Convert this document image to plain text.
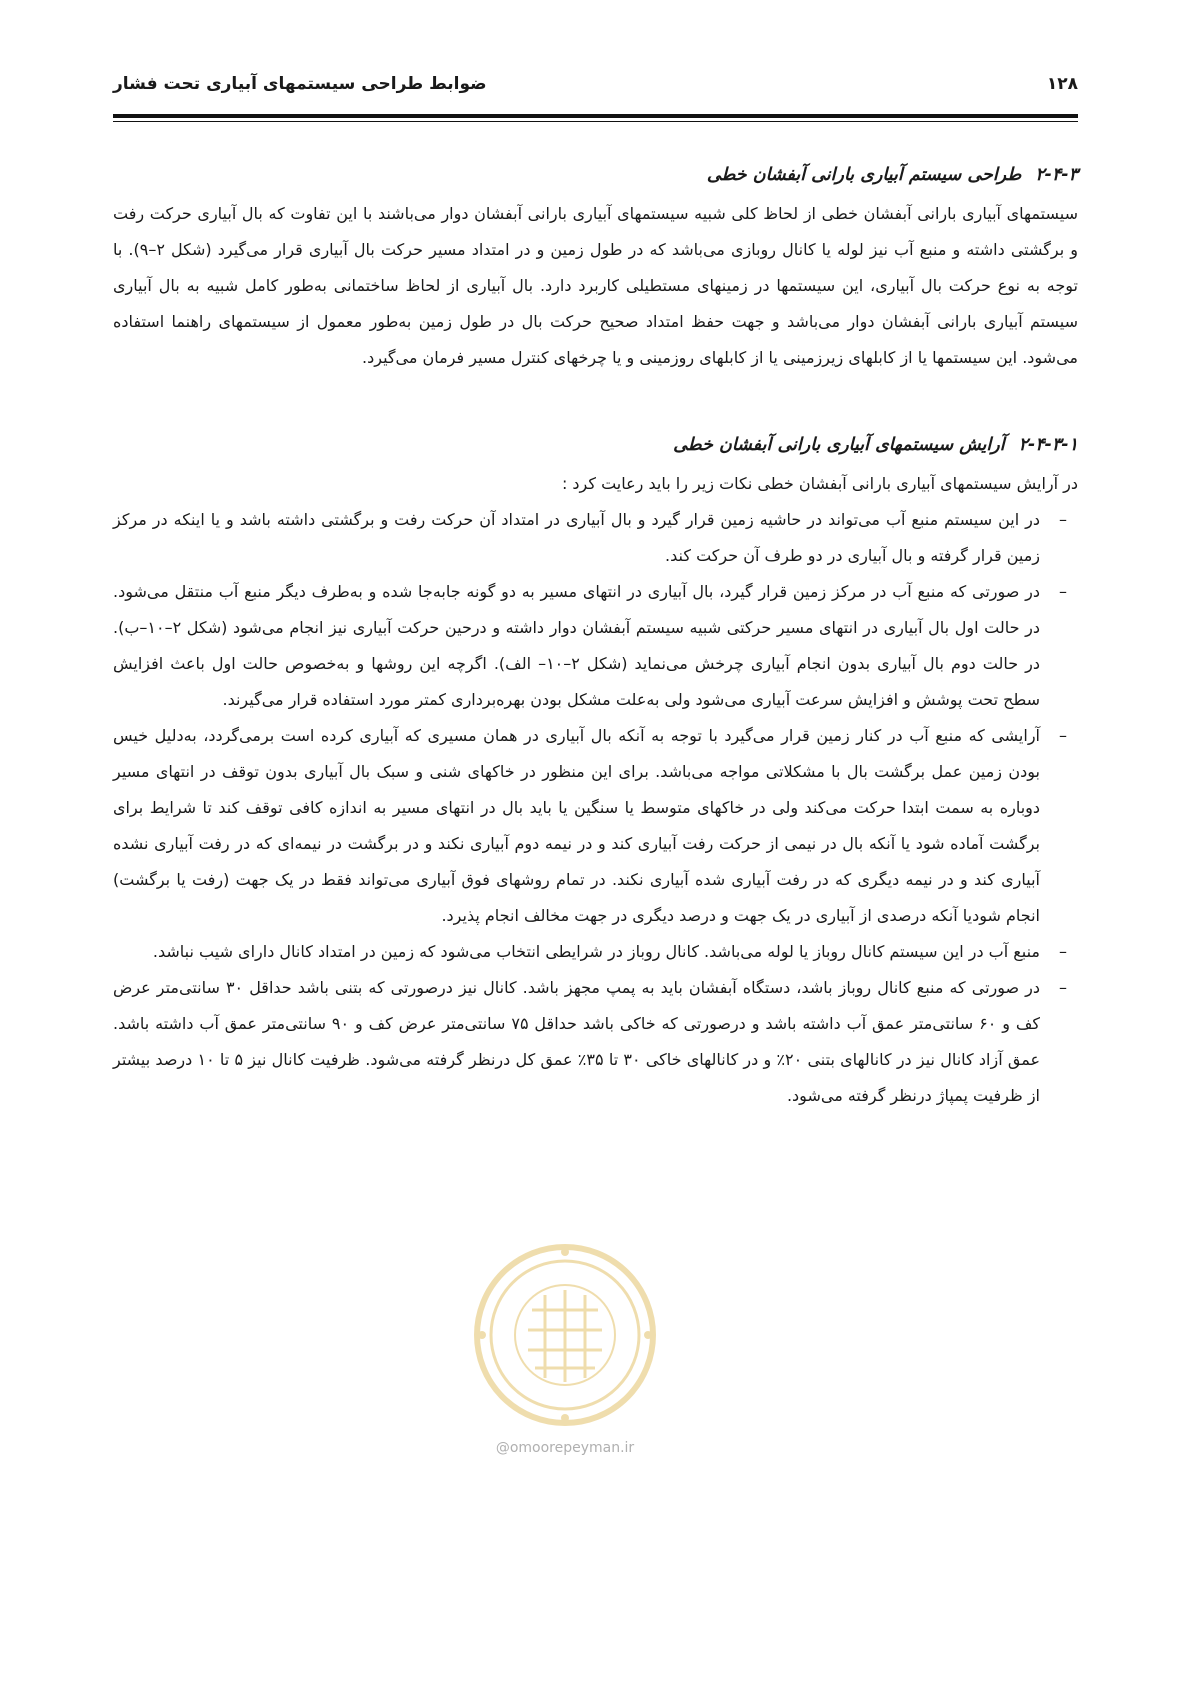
۱۲۸
ضوابط طراحی سیستمهای آبیاری تحت فشار
۲-۴-۳طراحی سیستم آبیاری بارانی آبفشان خطی

سیستمهای آبیاری بارانی آبفشان خطی از لحاظ کلی شبیه سیستمهای آبیاری بارانی آبفشان دوار می‌باشند با این تفاوت که بال آبیاری حرکت رفت و برگشتی داشته و منبع آب نیز لوله یا کانال روبازی می‌باشد که در طول زمین و در امتداد مسیر حرکت بال آبیاری قرار می‌گیرد (شکل ۲–۹). با توجه به نوع حرکت بال آبیاری، این سیستمها در زمینهای مستطیلی کاربرد دارد. بال آبیاری از لحاظ ساختمانی به‌طور کامل شبیه به بال آبیاری سیستم آبیاری بارانی آبفشان دوار می‌باشد و جهت حفظ امتداد صحیح حرکت بال در طول زمین به‌طور معمول از سیستمهای راهنما استفاده می‌شود. این سیستمها یا از کابلهای زیرزمینی یا از کابلهای روزمینی و یا چرخهای کنترل مسیر فرمان می‌گیرد.

۲-۴-۳-۱آرایش سیستمهای آبیاری بارانی آبفشان خطی

در آرایش سیستمهای آبیاری بارانی آبفشان خطی نکات زیر را باید رعایت کرد :

–
در این سیستم منبع آب می‌تواند در حاشیه زمین قرار گیرد و بال آبیاری در امتداد آن حرکت رفت و برگشتی داشته باشد و یا اینکه در مرکز زمین قرار گرفته و بال آبیاری در دو طرف آن حرکت کند.
–
در صورتی که منبع آب در مرکز زمین قرار گیرد، بال آبیاری در انتهای مسیر به دو گونه جابه‌جا شده و به‌طرف دیگر منبع آب منتقل می‌شود. در حالت اول بال آبیاری در انتهای مسیر حرکتی شبیه سیستم آبفشان دوار داشته و درحین حرکت آبیاری نیز انجام می‌شود (شکل ۲–۱۰–ب). در حالت دوم بال آبیاری بدون انجام آبیاری چرخش می‌نماید (شکل ۲–۱۰– الف). اگرچه این روشها و به‌خصوص حالت اول باعث افزایش سطح تحت پوشش و افزایش سرعت آبیاری می‌شود ولی به‌علت مشکل بودن بهره‌برداری کمتر مورد استفاده قرار می‌گیرند.
–
آرایشی که منبع آب در کنار زمین قرار می‌گیرد با توجه به آنکه بال آبیاری در همان مسیری که آبیاری کرده است برمی‌گردد، به‌دلیل خیس بودن زمین عمل برگشت بال با مشکلاتی مواجه می‌باشد. برای این منظور در خاکهای شنی و سبک بال آبیاری بدون توقف در انتهای مسیر دوباره به سمت ابتدا حرکت می‌کند ولی در خاکهای متوسط یا سنگین یا باید بال در انتهای مسیر به اندازه کافی توقف کند تا شرایط برای برگشت آماده شود یا آنکه بال در نیمی از حرکت رفت آبیاری کند و در نیمه دوم آبیاری نکند و در برگشت در نیمه‌ای که در رفت آبیاری نشده آبیاری کند و در نیمه دیگری که در رفت آبیاری شده آبیاری نکند. در تمام روشهای فوق آبیاری می‌تواند فقط در یک جهت (رفت یا برگشت) انجام شودیا آنکه درصدی از آبیاری در یک جهت و درصد دیگری در جهت مخالف انجام پذیرد.
–
منبع آب در این سیستم کانال روباز یا لوله می‌باشد. کانال روباز در شرایطی انتخاب می‌شود که زمین در امتداد کانال دارای شیب نباشد.
–
در صورتی که منبع کانال روباز باشد، دستگاه آبفشان باید به پمپ مجهز باشد. کانال نیز درصورتی که بتنی باشد حداقل ۳۰ سانتی‌متر عرض کف و ۶۰ سانتی‌متر عمق آب داشته باشد و درصورتی که خاکی باشد حداقل ۷۵ سانتی‌متر عرض کف و ۹۰ سانتی‌متر عمق آب داشته باشد. عمق آزاد کانال نیز در کانالهای بتنی ۲۰٪ و در کانالهای خاکی ۳۰ تا ۳۵٪ عمق کل درنظر گرفته می‌شود. ظرفیت کانال نیز ۵ تا ۱۰ درصد بیشتر از ظرفیت پمپاژ درنظر گرفته می‌شود.
@omoorepeyman.ir
